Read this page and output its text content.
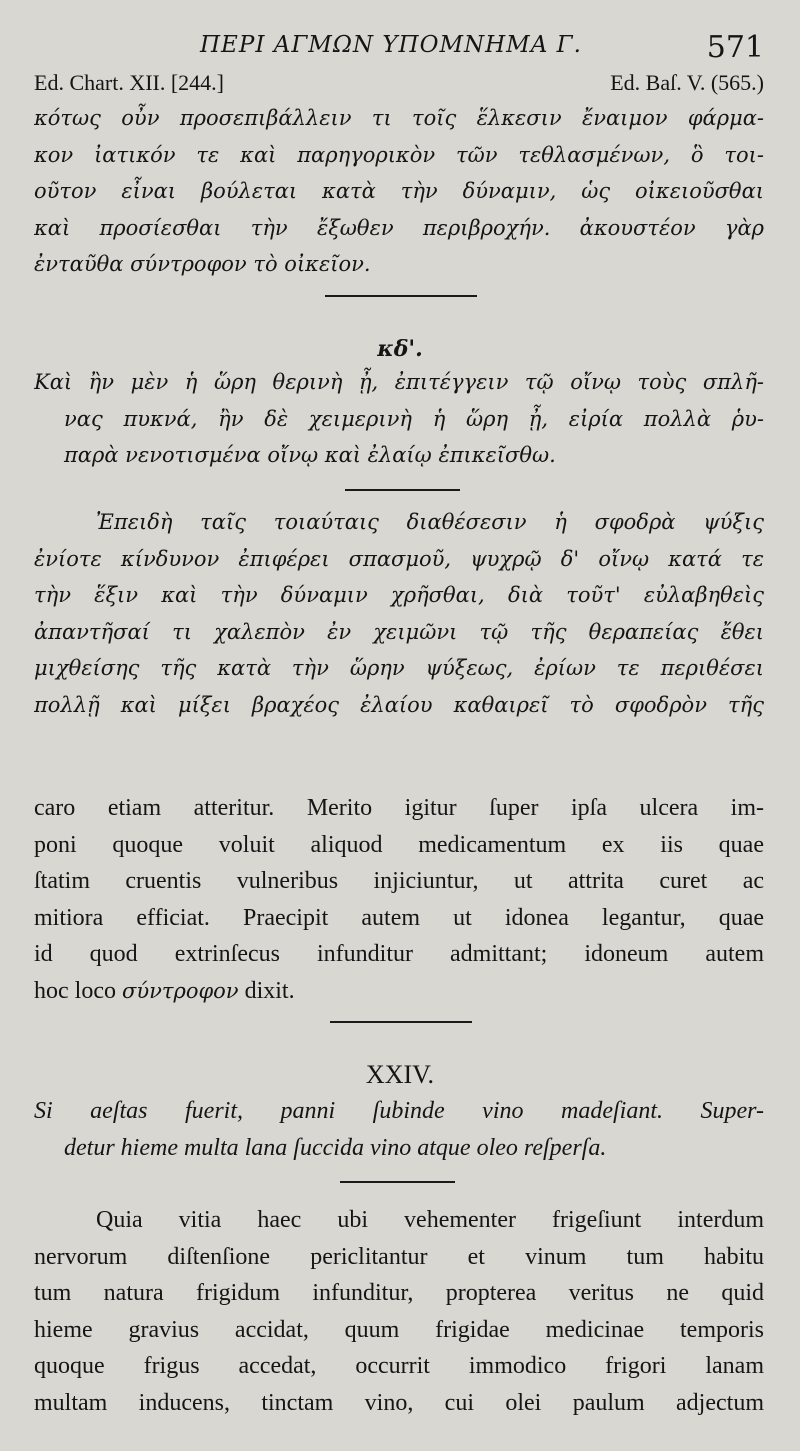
ΠΕΡΙ ΑΓΜΩΝ ΥΠΟΜΝΗΜΑ Γ.	571
Ed. Chart. XII. [244.]	Ed. Baſ. V. (565.)
κότως οὖν προσεπιβάλλειν τι τοῖς ἕλκεσιν ἔναιμον φάρμα-
κον ἰατικόν τε καὶ παρηγορικὸν τῶν τεθλασμένων, ὃ τοι-
οῦτον εἶναι βούλεται κατὰ τὴν δύναμιν, ὡς οἰκειοῦσθαι
καὶ προσίεσθαι τὴν ἔξωθεν περιβροχήν. ἀκουστέον γὰρ
ἐνταῦθα σύντροφον τὸ οἰκεῖον.
κδ'.
Καὶ ἢν μὲν ἡ ὥρη θερινὴ ᾖ, ἐπιτέγγειν τῷ οἴνῳ τοὺς σπλῆ-
νας πυκνά, ἢν δὲ χειμερινὴ ἡ ὥρη ᾖ, εἰρία πολλὰ ῥυ-
παρὰ νενοτισμένα οἴνῳ καὶ ἐλαίῳ ἐπικεῖσθω.
Ἐπειδὴ ταῖς τοιαύταις διαθέσεσιν ἡ σφοδρὰ ψύξις
ἐνίοτε κίνδυνον ἐπιφέρει σπασμοῦ, ψυχρῷ δ' οἴνῳ κατά τε
τὴν ἕξιν καὶ τὴν δύναμιν χρῆσθαι, διὰ τοῦτ' εὐλαβηθεὶς
ἀπαντῆσαί τι χαλεπὸν ἐν χειμῶνι τῷ τῆς θεραπείας ἔθει
μιχθείσης τῆς κατὰ τὴν ὥρην ψύξεως, ἐρίων τε περιθέσει
πολλῇ καὶ μίξει βραχέος ἐλαίου καθαιρεῖ τὸ σφοδρὸν τῆς
caro etiam atteritur. Merito igitur ſuper ipſa ulcera im-
poni quoque voluit aliquod medicamentum ex iis quae
ſtatim cruentis vulneribus injiciuntur, ut attrita curet ac
mitiora efficiat. Praecipit autem ut idonea legantur, quae
id quod extrinſecus infunditur admittant; idoneum autem
hoc loco σύντροφον dixit.
XXIV.
Si aeſtas fuerit, panni ſubinde vino madeſiant. Super-
detur hieme multa lana ſuccida vino atque oleo reſperſa.
Quia vitia haec ubi vehementer frigeſiunt interdum
nervorum diſtenſione periclitantur et vinum tum habitu
tum natura frigidum infunditur, propterea veritus ne quid
hieme gravius accidat, quum frigidae medicinae temporis
quoque frigus accedat, occurrit immodico frigori lanam
multam inducens, tinctam vino, cui olei paulum adjectum
